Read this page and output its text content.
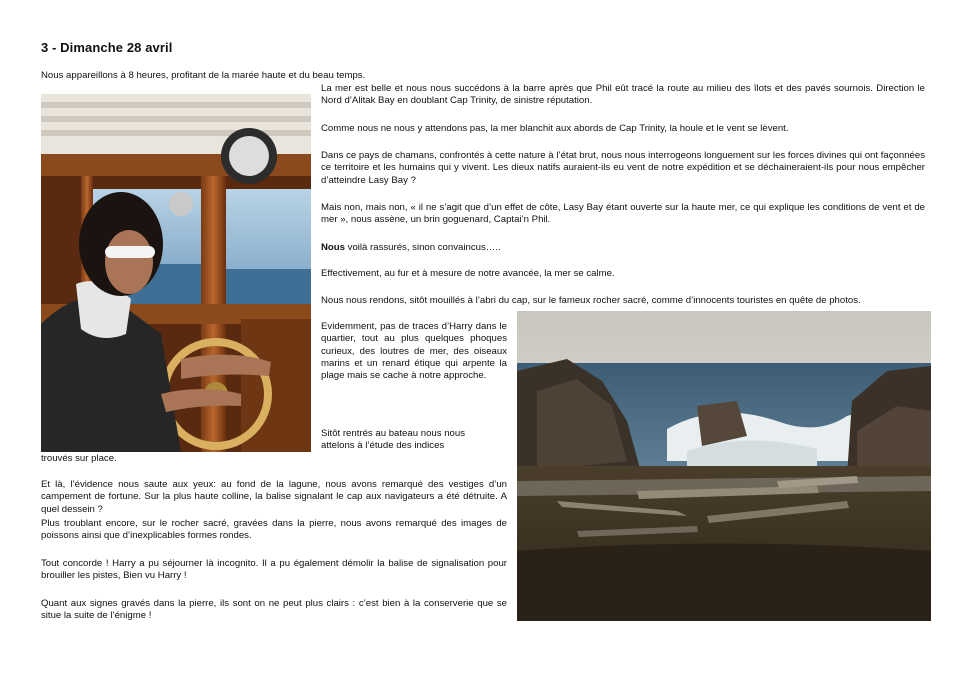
3 - Dimanche 28 avril

Nous appareillons à 8 heures, profitant de la marée haute et du beau temps.

La mer est belle et nous nous succédons à la barre après que Phil eût tracé la route au milieu des îlots et des pavés sournois. Direction le Nord d’Alitak Bay en doublant Cap Trinity, de sinistre réputation.

Comme nous ne nous y attendons pas, la mer blanchit aux abords de Cap Trinity, la houle et le vent se lèvent.

Dans ce pays de chamans, confrontés à cette nature à l’état brut, nous nous interrogeons longuement sur les forces divines qui ont façonnées ce territoire et les humains qui y vivent. Les dieux natifs auraient-ils eu vent de notre expédition et se déchaineraient-ils pour nous empêcher d’atteindre Lasy Bay ?

Mais non, mais non, « il ne s’agit que d’un effet de côte, Lasy Bay étant ouverte sur la haute mer, ce qui explique les conditions de vent et de mer », nous assène, un brin goguenard, Captai’n Phil.

Nous voilà rassurés, sinon convaincus…..

Effectivement, au fur et à mesure de notre avancée, la mer se calme.

Nous nous rendons, sitôt mouillés à l’abri du cap, sur le fameux rocher sacré, comme d’innocents touristes en quête de photos.

Evidemment, pas de traces d’Harry dans le quartier, tout au plus quelques phoques curieux, des loutres de mer, des oiseaux marins et un renard étique qui arpente la plage mais se cache à notre approche.

Sitôt rentrés au bateau nous nous

attelons à l’étude des indices

trouvés sur place.

Et là, l’évidence nous saute aux yeux: au fond de la lagune, nous avons remarqué des vestiges d’un campement de fortune. Sur la plus haute colline, la balise signalant le cap aux navigateurs a été détruite. A quel dessein ?

Plus troublant encore, sur le rocher sacré, gravées dans la pierre, nous avons remarqué des images de poissons ainsi que d’inexplicables formes rondes.

Tout concorde ! Harry a pu séjourner là incognito. Il a pu également démolir la balise de signalisation pour brouiller les pistes, Bien vu Harry !

Quant aux signes gravés dans la pierre, ils sont on ne peut plus clairs : c’est bien à la conserverie que se situe la suite de l’énigme !
